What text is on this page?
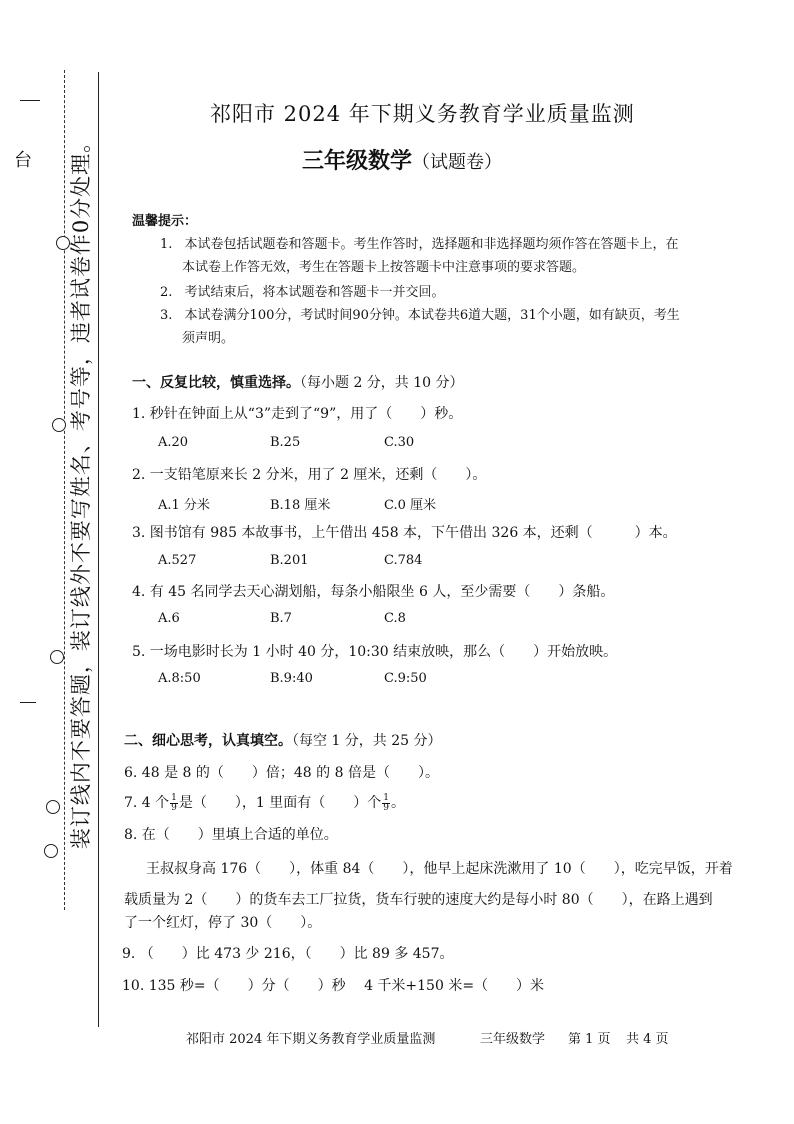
台 装订线内不要答题，装订线外不要写姓名、考号等，违者试卷作0分处理。
祁阳市 2024 年下期义务教育学业质量监测
三年级数学（试题卷）
温馨提示：
1. 本试卷包括试题卷和答题卡。考生作答时，选择题和非选择题均须作答在答题卡上，在
本试卷上作答无效，考生在答题卡上按答题卡中注意事项的要求答题。
2. 考试结束后，将本试题卷和答题卡一并交回。
3. 本试卷满分100分，考试时间90分钟。本试卷共6道大题，31个小题，如有缺页，考生
须声明。
一、反复比较，慎重选择。（每小题 2 分，共 10 分）
1. 秒针在钟面上从“3”走到了“9”，用了（　　）秒。
A.20	B.25	C.30
2. 一支铅笔原来长 2 分米，用了 2 厘米，还剩（　　）。
A.1 分米	B.18 厘米	C.0 厘米
3. 图书馆有 985 本故事书，上午借出 458 本，下午借出 326 本，还剩（　　　）本。
A.527	B.201	C.784
4. 有 45 名同学去天心湖划船，每条小船限坐 6 人，至少需要（　　）条船。
A.6	B.7	C.8
5. 一场电影时长为 1 小时 40 分，10:30 结束放映，那么（　　）开始放映。
A.8:50	B.9:40	C.9:50
二、细心思考，认真填空。（每空 1 分，共 25 分）
6. 48 是 8 的（　　）倍；48 的 8 倍是（　　）。
7. 4 个 $\frac{1}{9}$ 是（　　），1 里面有（　　）个 $\frac{1}{9}$ 。
8. 在（　　）里填上合适的单位。
王叔叔身高 176（　　），体重 84（　　），他早上起床洗漱用了 10（　　），吃完早饭，开着
载质量为 2（　　）的货车去工厂拉货，货车行驶的速度大约是每小时 80（　　），在路上遇到
了一个红灯，停了 30（　　）。
9. （　　）比 473 少 216，（　　）比 89 多 457。
10. 135 秒=（　　）分（　　）秒　 4 千米+150 米=（　　）米
祁阳市 2024 年下期义务教育学业质量监测	三年级数学 第 1 页 共 4 页
